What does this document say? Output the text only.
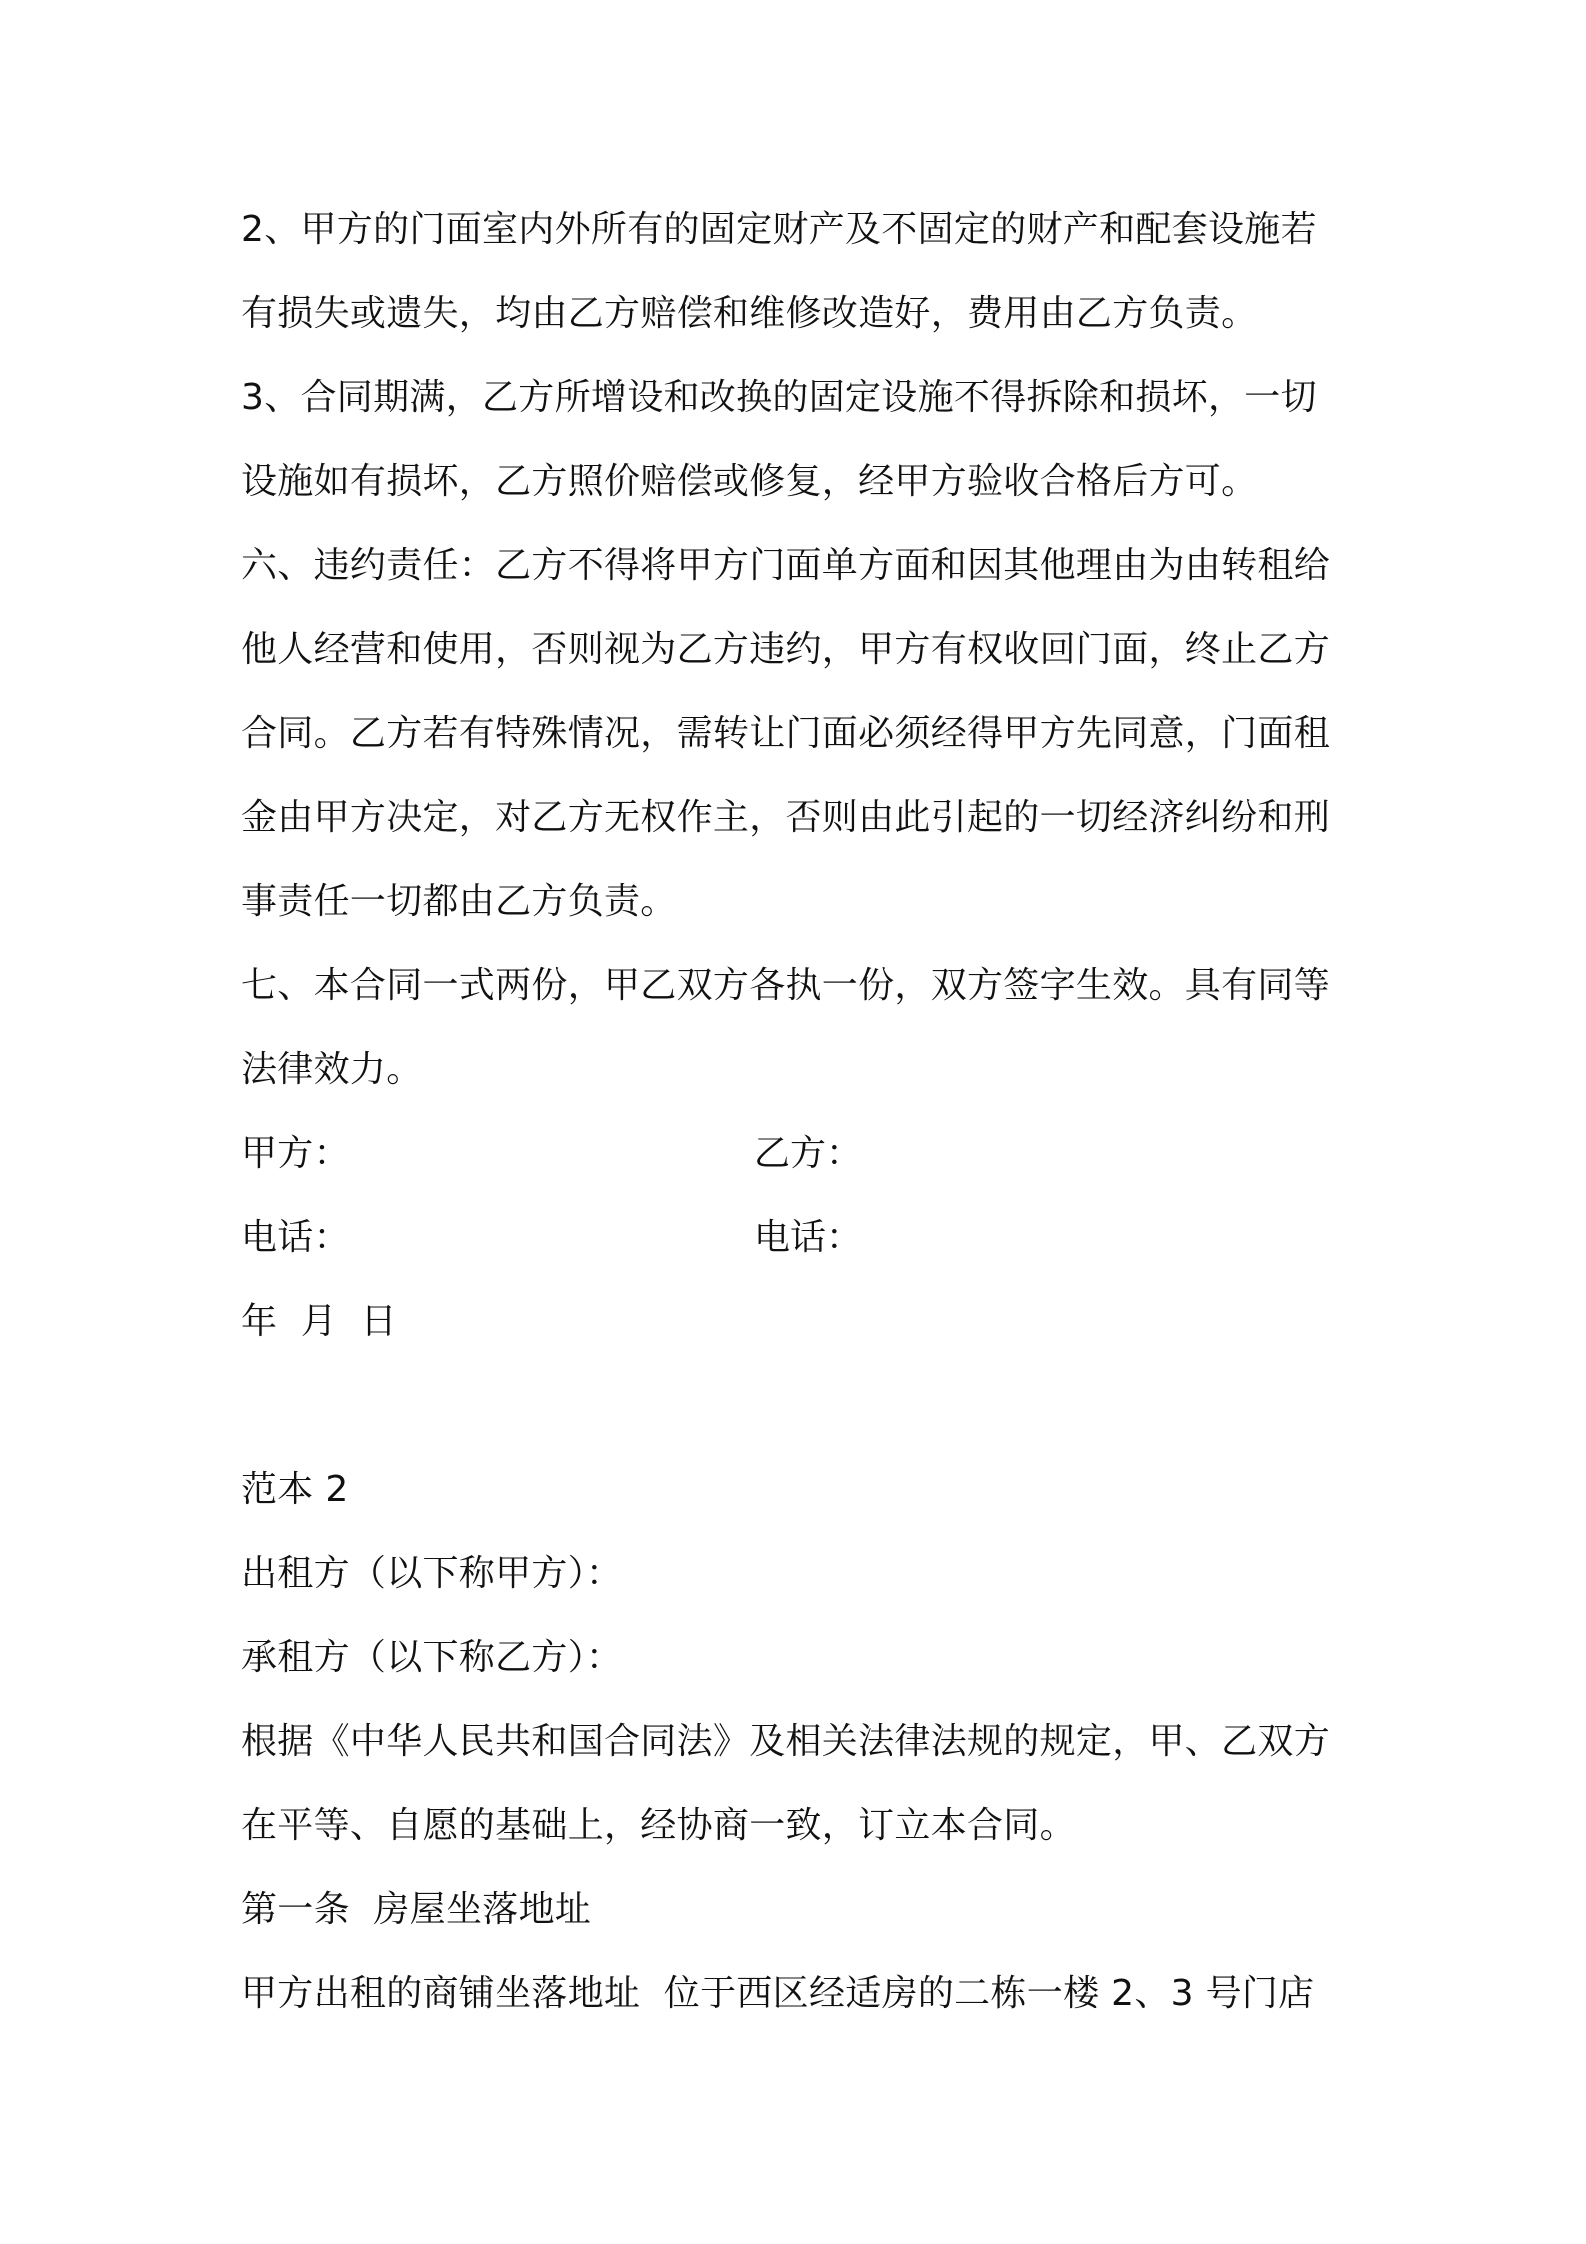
2、甲方的门面室内外所有的固定财产及不固定的财产和配套设施若
有损失或遗失，均由乙方赔偿和维修改造好，费用由乙方负责。
3、合同期满，乙方所增设和改换的固定设施不得拆除和损坏，一切
设施如有损坏，乙方照价赔偿或修复，经甲方验收合格后方可。
六、违约责任：乙方不得将甲方门面单方面和因其他理由为由转租给
他人经营和使用，否则视为乙方违约，甲方有权收回门面，终止乙方
合同。乙方若有特殊情况，需转让门面必须经得甲方先同意，门面租
金由甲方决定，对乙方无权作主，否则由此引起的一切经济纠纷和刑
事责任一切都由乙方负责。
七、本合同一式两份，甲乙双方各执一份，双方签字生效。具有同等
法律效力。
甲方：	乙方：
电话：	电话：
年  月  日
范本 2
出租方（以下称甲方）：
承租方（以下称乙方）：
根据《中华人民共和国合同法》及相关法律法规的规定，甲、乙双方
在平等、自愿的基础上，经协商一致，订立本合同。
第一条  房屋坐落地址
甲方出租的商铺坐落地址  位于西区经适房的二栋一楼 2、3 号门店
